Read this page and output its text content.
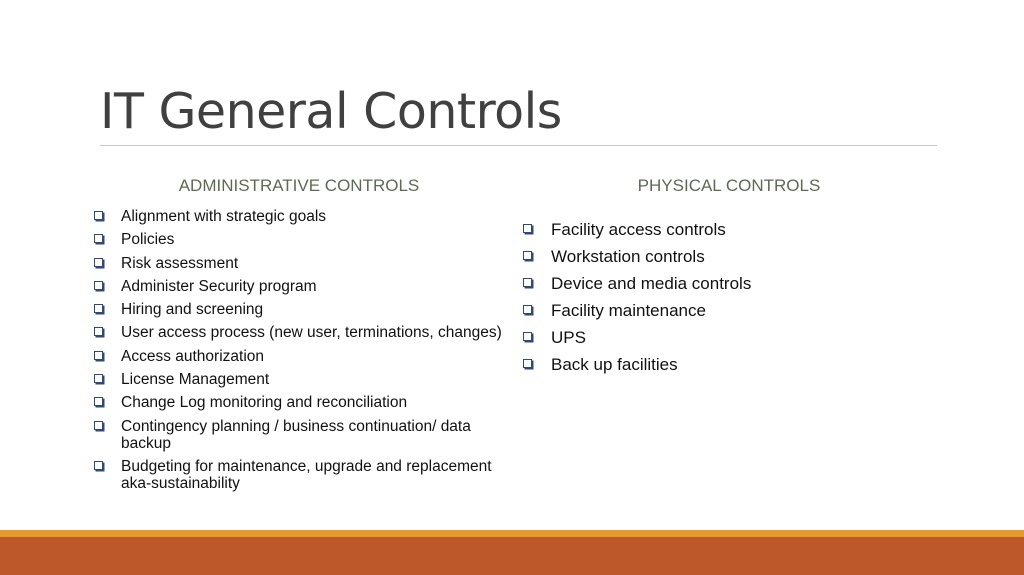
IT General Controls
ADMINISTRATIVE CONTROLS	PHYSICAL CONTROLS
Alignment with strategic goals
Policies
Risk assessment
Administer Security program
Hiring and screening
User access process (new user, terminations, changes)
Access authorization
License Management
Change Log monitoring and reconciliation
Contingency planning / business continuation/ data backup
Budgeting for maintenance, upgrade and replacement aka-sustainability
Facility access controls
Workstation controls
Device and media controls
Facility maintenance
UPS
Back up facilities
